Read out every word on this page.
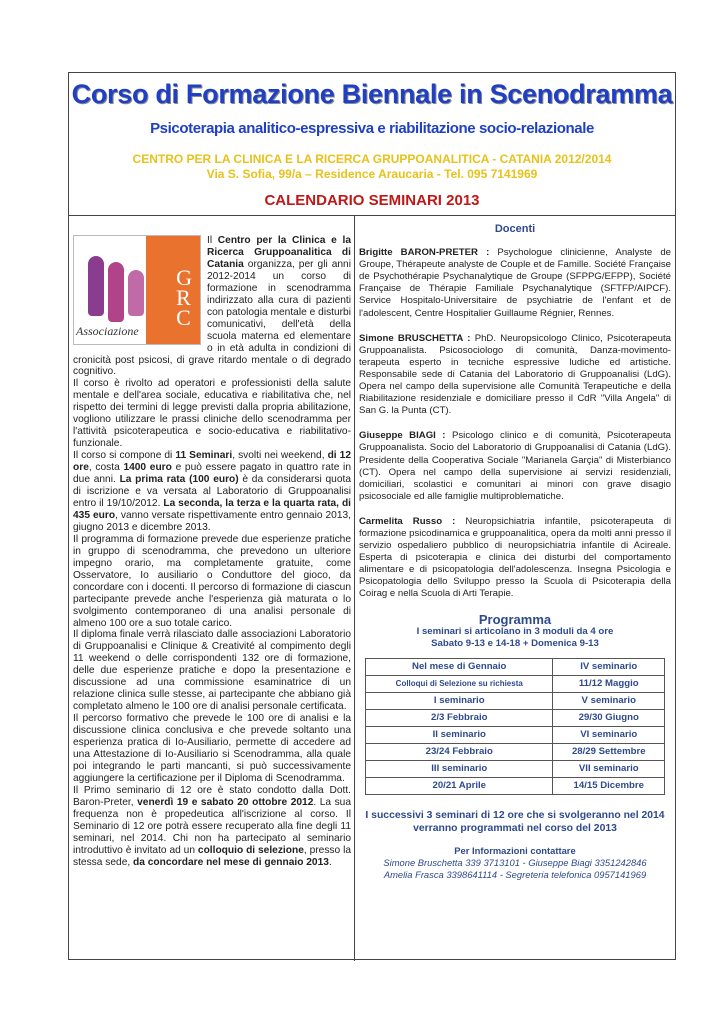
Corso di Formazione Biennale in Scenodramma
Psicoterapia analitico-espressiva e riabilitazione socio-relazionale
CENTRO PER LA CLINICA E LA RICERCA GRUPPOANALITICA - CATANIA 2012/2014
Via S. Sofia, 99/a – Residence Araucaria - Tel. 095 7141969
CALENDARIO SEMINARI 2013
G
R
C
Associazione

Il Centro per la Clinica e la Ricerca Gruppoanalitica di Catania organizza, per gli anni 2012-2014 un corso di formazione in scenodramma indirizzato alla cura di pazienti con patologia mentale e disturbi comunicativi, dell'età della scuola materna ed elementare o in età adulta in condizioni di cronicità post psicosi, di grave ritardo mentale o di degrado cognitivo.

Il corso è rivolto ad operatori e professionisti della salute mentale e dell'area sociale, educativa e riabilitativa che, nel rispetto dei termini di legge previsti dalla propria abilitazione, vogliono utilizzare le prassi cliniche dello scenodramma per l'attività psicoterapeutica e socio-educativa e riabilitativo-funzionale.

Il corso si compone di 11 Seminari, svolti nei weekend, di 12 ore, costa 1400 euro e può essere pagato in quattro rate in due anni. La prima rata (100 euro) è da considerarsi quota di iscrizione e va versata al Laboratorio di Gruppoanalisi entro il 19/10/2012. La seconda, la terza e la quarta rata, di 435 euro, vanno versate rispettivamente entro gennaio 2013, giugno 2013 e dicembre 2013.

Il programma di formazione prevede due esperienze pratiche in gruppo di scenodramma, che prevedono un ulteriore impegno orario, ma completamente gratuite, come Osservatore, Io ausiliario o Conduttore del gioco, da concordare con i docenti. Il percorso di formazione di ciascun partecipante prevede anche l'esperienza già maturata o lo svolgimento contemporaneo di una analisi personale di almeno 100 ore a suo totale carico.

Il diploma finale verrà rilasciato dalle associazioni Laboratorio di Gruppoanalisi e Clinique & Creativité al compimento degli 11 weekend o delle corrispondenti 132 ore di formazione, delle due esperienze pratiche e dopo la presentazione e discussione ad una commissione esaminatrice di un relazione clinica sulle stesse, ai partecipante che abbiano già completato almeno le 100 ore di analisi personale certificata.

Il percorso formativo che prevede le 100 ore di analisi e la discussione clinica conclusiva e che prevede soltanto una esperienza pratica di Io-Ausiliario, permette di accedere ad una Attestazione di Io-Ausiliario si Scenodramma, alla quale poi integrando le parti mancanti, si può successivamente aggiungere la certificazione per il Diploma di Scenodramma.

Il Primo seminario di 12 ore è stato condotto dalla Dott. Baron-Preter, venerdì 19 e sabato 20 ottobre 2012. La sua frequenza non è propedeutica all'iscrizione al corso. Il Seminario di 12 ore potrà essere recuperato alla fine degli 11 seminari, nel 2014. Chi non ha partecipato al seminario introduttivo è invitato ad un colloquio di selezione, presso la stessa sede, da concordare nel mese di gennaio 2013.

Docenti

Brigitte BARON-PRETER : Psychologue clinicienne, Analyste de Groupe, Thérapeute analyste de Couple et de Famille. Société Française de Psychothérapie Psychanalytique de Groupe (SFPPG/EFPP), Société Française de Thérapie Familiale Psychanalytique (SFTFP/AIPCF). Service Hospitalo-Universitaire de psychiatrie de l'enfant et de l'adolescent, Centre Hospitalier Guillaume Régnier, Rennes.

Simone BRUSCHETTA : PhD. Neuropsicologo Clinico, Psicoterapeuta Gruppoanalista. Psicosociologo di comunità, Danza-movimento-terapeuta esperto in tecniche espressive ludiche ed artistiche. Responsabile sede di Catania del Laboratorio di Gruppoanalisi (LdG). Opera nel campo della supervisione alle Comunità Terapeutiche e della Riabilitazione residenziale e domiciliare presso il CdR "Villa Angela" di San G. la Punta (CT).

Giuseppe BIAGI : Psicologo clinico e di comunità, Psicoterapeuta Gruppoanalista. Socio del Laboratorio di Gruppoanalisi di Catania (LdG). Presidente della Cooperativa Sociale "Marianela Garçia" di Misterbianco (CT). Opera nel campo della supervisione ai servizi residenziali, domiciliari, scolastici e comunitari ai minori con grave disagio psicosociale ed alle famiglie multiproblematiche.

Carmelita Russo : Neuropsichiatria infantile, psicoterapeuta di formazione psicodinamica e gruppoanalitica, opera da molti anni presso il servizio ospedaliero pubblico di neuropsichiatria infantile di Acireale. Esperta di psicoterapia e clinica dei disturbi del comportamento alimentare e di psicopatologia dell'adolescenza. Insegna Psicologia e Psicopatologia dello Sviluppo presso la Scuola di Psicoterapia della Coirag e nella Scuola di Arti Terapie.

Programma
I seminari si articolano in 3 moduli da 4 ore
Sabato 9-13 e 14-18 + Domenica 9-13
Nel mese di Gennaio	IV seminario
Colloqui di Selezione su richiesta	11/12 Maggio
I seminario	V seminario
2/3 Febbraio	29/30 Giugno
II seminario	VI seminario
23/24 Febbraio	28/29 Settembre
III seminario	VII seminario
20/21 Aprile	14/15 Dicembre
I successivi 3 seminari di 12 ore che si svolgeranno nel 2014 verranno programmati nel corso del 2013
Per Informazioni contattare
Simone Bruschetta 339 3713101 - Giuseppe Biagi 3351242846
Amelia Frasca 3398641114 - Segreteria telefonica 0957141969
